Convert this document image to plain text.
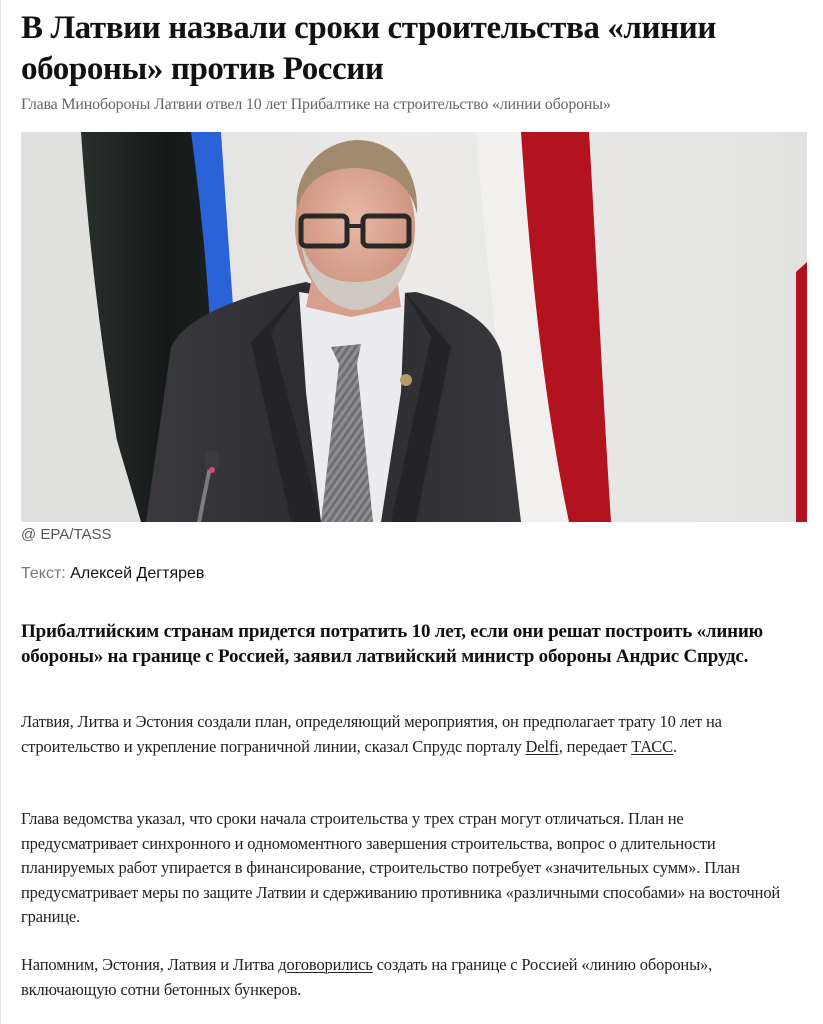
В Латвии назвали сроки строительства «линии обороны» против России
Глава Минобороны Латвии отвел 10 лет Прибалтике на строительство «линии обороны»
@ EPA/TASS
Текст: Алексей Дегтярев
Прибалтийским странам придется потратить 10 лет, если они решат построить «линию обороны» на границе с Россией, заявил латвийский министр обороны Андрис Спрудс.

Латвия, Литва и Эстония создали план, определяющий мероприятия, он предполагает трату 10 лет на строительство и укрепление пограничной линии, сказал Спрудс порталу Delfi, передает ТАСС.

Глава ведомства указал, что сроки начала строительства у трех стран могут отличаться. План не предусматривает синхронного и одномоментного завершения строительства, вопрос о длительности планируемых работ упирается в финансирование, строительство потребует «значительных сумм». План предусматривает меры по защите Латвии и сдерживанию противника «различными способами» на восточной границе.

Напомним, Эстония, Латвия и Литва договорились создать на границе с Россией «линию обороны», включающую сотни бетонных бункеров.
